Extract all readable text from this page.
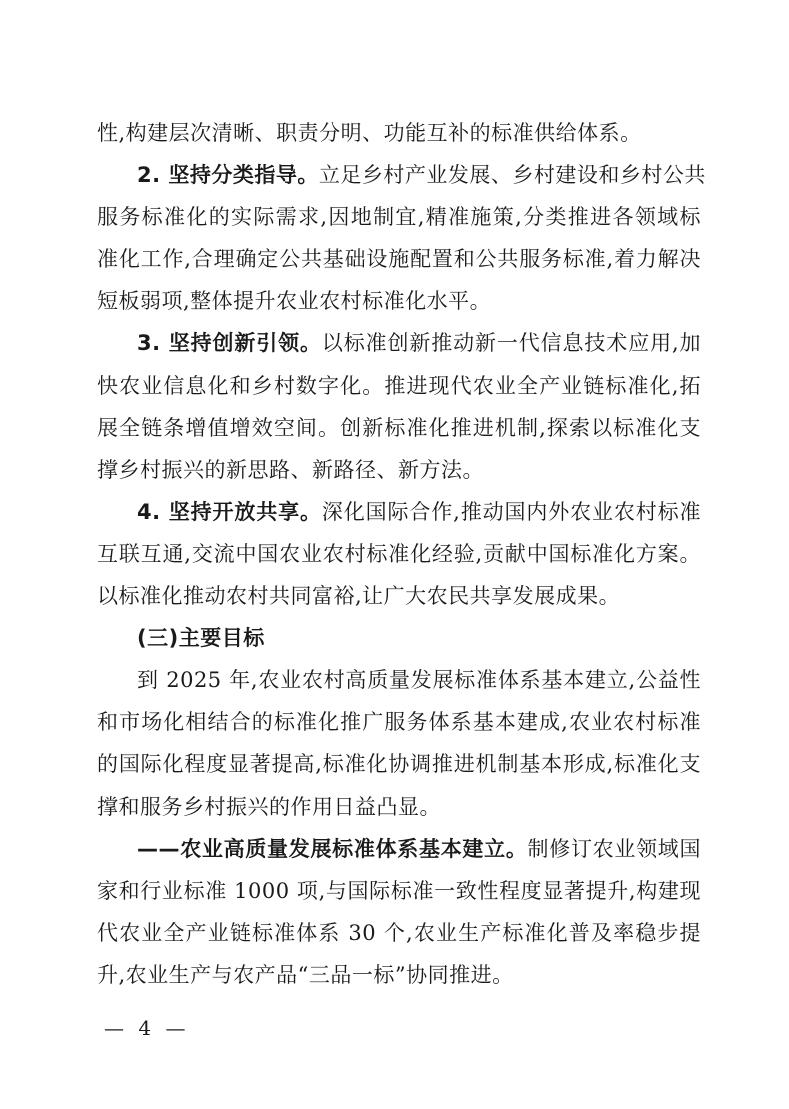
性,构建层次清晰、职责分明、功能互补的标准供给体系。
2. 坚持分类指导。立足乡村产业发展、乡村建设和乡村公共
服务标准化的实际需求,因地制宜,精准施策,分类推进各领域标
准化工作,合理确定公共基础设施配置和公共服务标准,着力解决
短板弱项,整体提升农业农村标准化水平。
3. 坚持创新引领。以标准创新推动新一代信息技术应用,加
快农业信息化和乡村数字化。推进现代农业全产业链标准化,拓
展全链条增值增效空间。创新标准化推进机制,探索以标准化支
撑乡村振兴的新思路、新路径、新方法。
4. 坚持开放共享。深化国际合作,推动国内外农业农村标准
互联互通,交流中国农业农村标准化经验,贡献中国标准化方案。
以标准化推动农村共同富裕,让广大农民共享发展成果。
(三)主要目标
到 2025 年,农业农村高质量发展标准体系基本建立,公益性
和市场化相结合的标准化推广服务体系基本建成,农业农村标准
的国际化程度显著提高,标准化协调推进机制基本形成,标准化支
撑和服务乡村振兴的作用日益凸显。
——农业高质量发展标准体系基本建立。制修订农业领域国
家和行业标准 1000 项,与国际标准一致性程度显著提升,构建现
代农业全产业链标准体系 30 个,农业生产标准化普及率稳步提
升,农业生产与农产品“三品一标”协同推进。
— 4 —
